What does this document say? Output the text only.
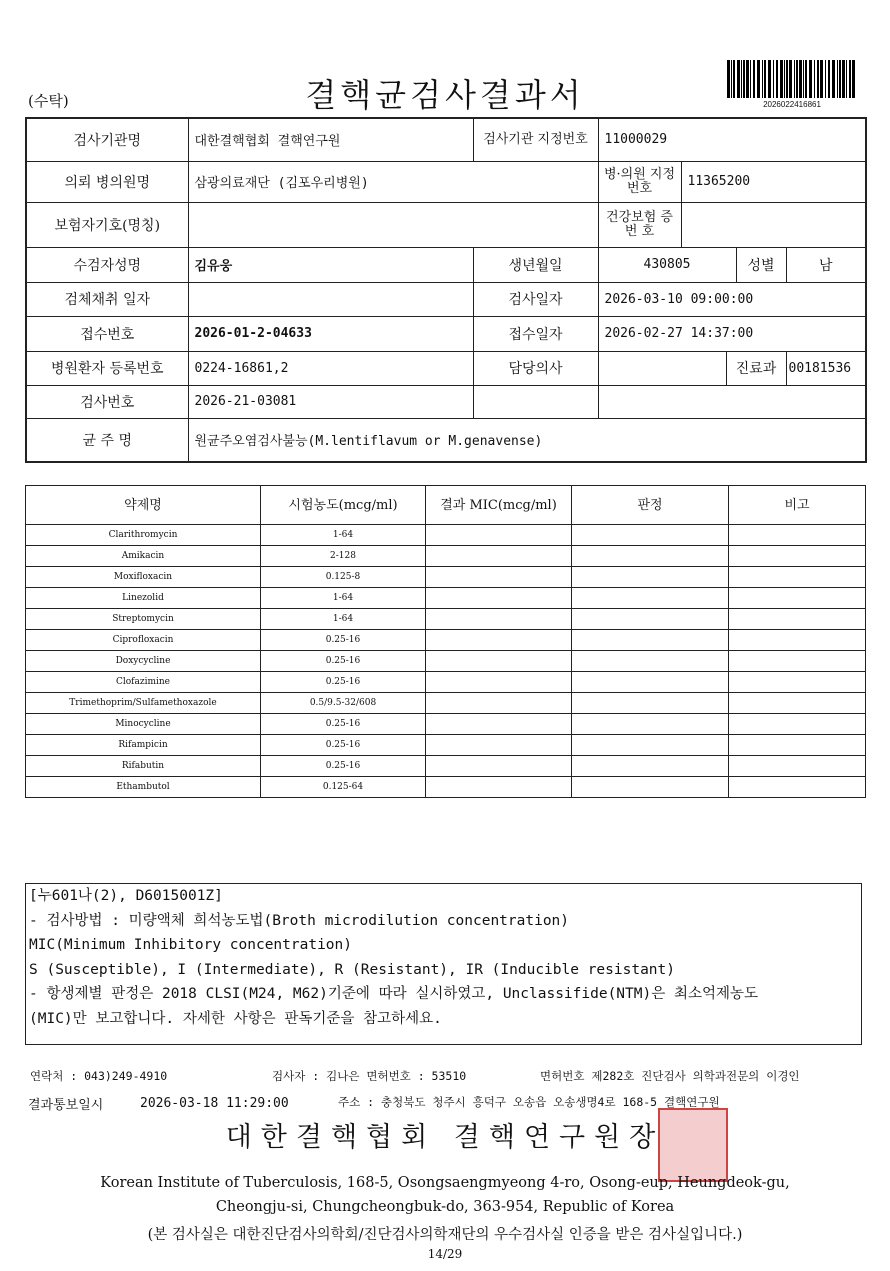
(수탁)	결핵균검사결과서	2026022416861
검사기관명	대한결핵협회 결핵연구원	검사기관 지정번호	11000029				
의뢰 병의원명	삼광의료재단 (김포우리병원)		병·의원 지정번호	11365200			
보험자기호(명칭)			건강보험 증 번 호				
수검자성명	김유웅	생년월일	430805			성별	남
검체채취 일자		검사일자	2026-03-10 09:00:00				
접수번호	2026-01-2-04633	접수일자	2026-02-27 14:37:00				
병원환자 등록번호	0224-16861,2	담당의사			진료과		00181536
검사번호	2026-21-03081						
균 주 명	원균주오염검사불능(M.lentiflavum or M.genavense)						
약제명	시험농도(mcg/ml)	결과 MIC(mcg/ml)	판정	비고
Clarithromycin	1-64			
Amikacin	2-128			
Moxifloxacin	0.125-8			
Linezolid	1-64			
Streptomycin	1-64			
Ciprofloxacin	0.25-16			
Doxycycline	0.25-16			
Clofazimine	0.25-16			
Trimethoprim/Sulfamethoxazole	0.5/9.5-32/608			
Minocycline	0.25-16			
Rifampicin	0.25-16			
Rifabutin	0.25-16			
Ethambutol	0.125-64			
[누601나(2), D6015001Z]
- 검사방법 : 미량액체 희석농도법(Broth microdilution concentration)
MIC(Minimum Inhibitory concentration)
S (Susceptible), I (Intermediate), R (Resistant), IR (Inducible resistant)
- 항생제별 판정은 2018 CLSI(M24, M62)기준에 따라 실시하였고, Unclassifide(NTM)은 최소억제농도
(MIC)만 보고합니다. 자세한 사항은 판독기준을 참고하세요.
연락처 : 043)249-4910	검사자 : 김나은 면허번호 : 53510	면허번호 제282호 진단검사 의학과전문의 이경인
결과통보일시	2026-03-18 11:29:00	주소 : 충청북도 청주시 흥덕구 오송읍 오송생명4로 168-5 결핵연구원
대한결핵협회 결핵연구원장
Korean Institute of Tuberculosis, 168-5, Osongsaengmyeong 4-ro, Osong-eup, Heungdeok-gu,
Cheongju-si, Chungcheongbuk-do, 363-954, Republic of Korea
(본 검사실은 대한진단검사의학회/진단검사의학재단의 우수검사실 인증을 받은 검사실입니다.)
14/29
